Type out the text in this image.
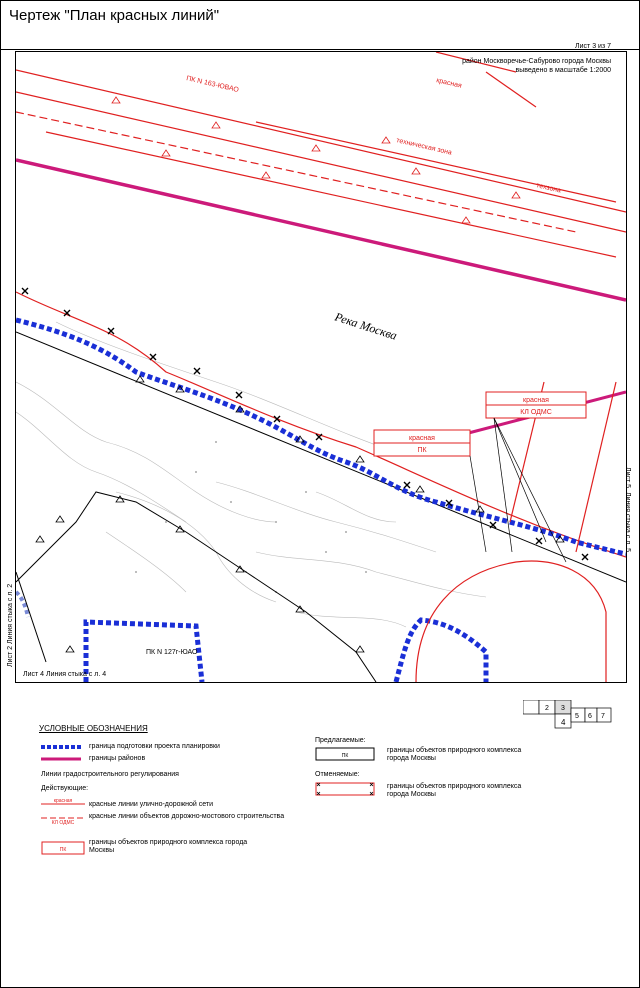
Чертеж "План красных линий"
Река Москва
ПК N 163-ЮВАО
техническая зона
техзона
красная
ПК N 127г-ЮАО
красная
КЛ ОДМС
красная
ПК
Лист 3 из 7
район Москворечье-Сабурово города Москвы
выведено в масштабе 1:2000
Лист 2 Линия стыка с л. 2
Лист 5. Линия стыка с л. 5
Лист 4 Линия стыка с л. 4
2 3
4
5 6 7
УСЛОВНЫЕ ОБОЗНАЧЕНИЯ
граница подготовки проекта планировки
границы районов
Линии градостроительного регулирования
Действующие:
красная красные линии улично-дорожной сети
КЛ ОДМС
красные линии объектов дорожно-мостового строительства
ПК
границы объектов природного комплекса города Москвы
Предлагаемые:
ПК
границы объектов природного комплекса города Москвы
Отменяемые:
границы объектов природного комплекса города Москвы
